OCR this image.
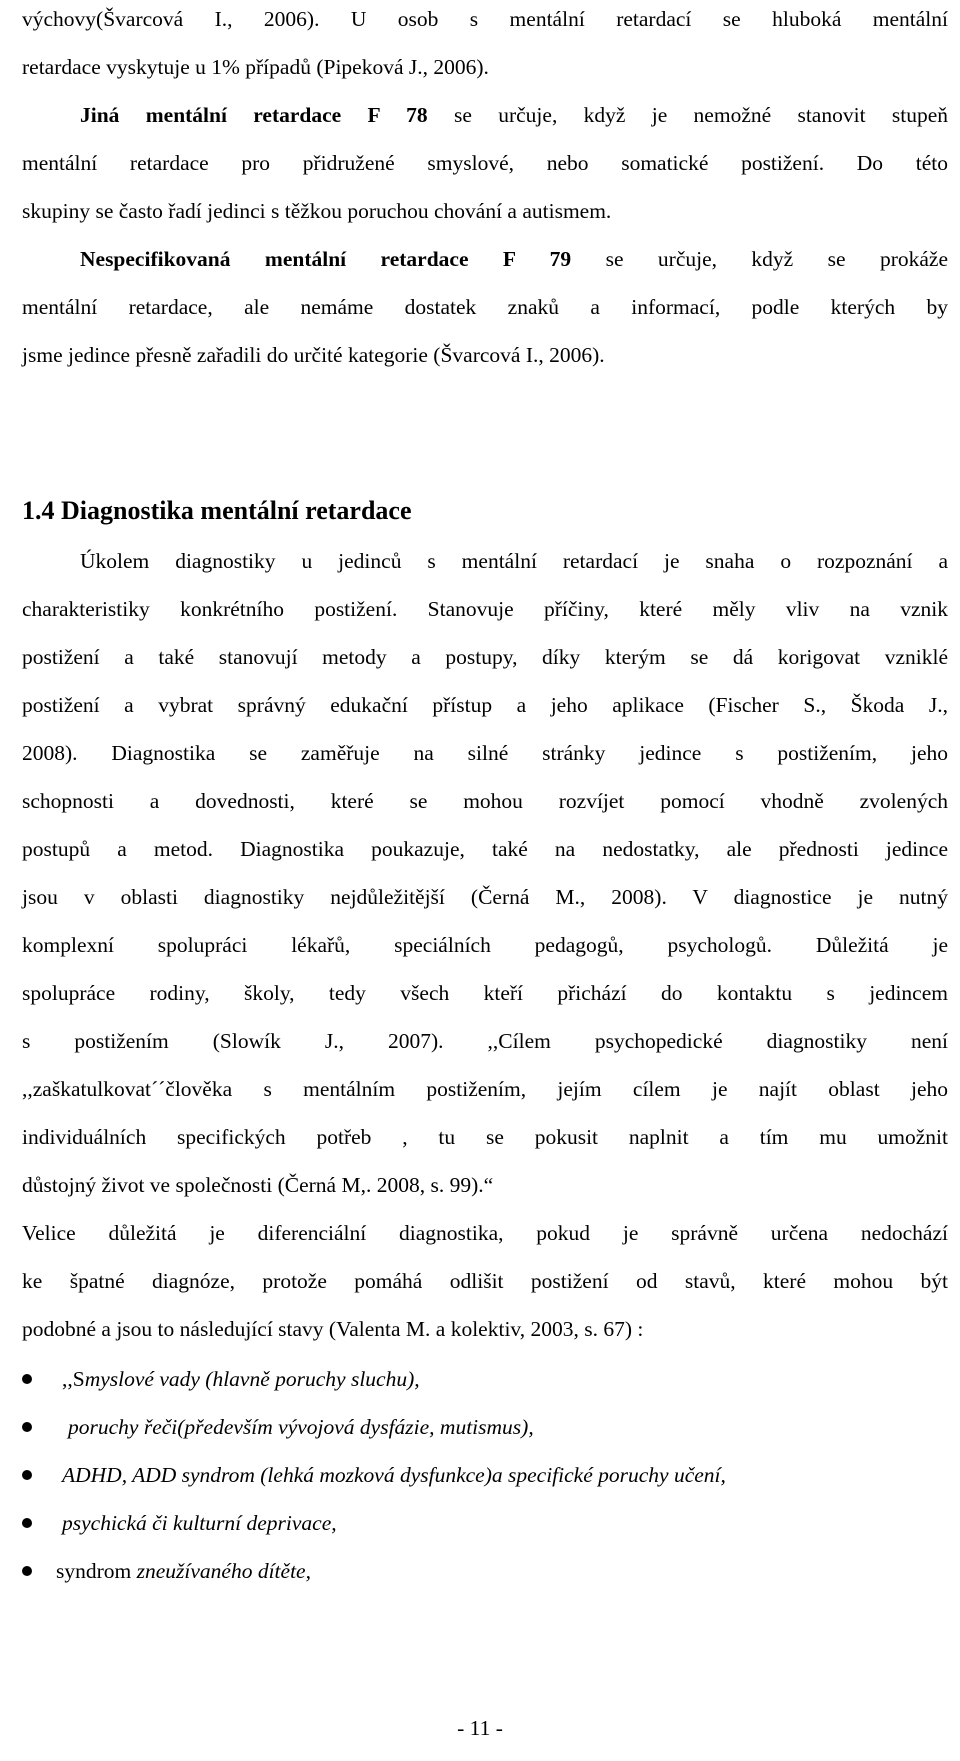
výchovy(Švarcová I., 2006). U osob s mentální retardací se hluboká mentální
retardace vyskytuje u 1% případů (Pipeková J., 2006).
Jiná mentální retardace F 78 se určuje, když je nemožné stanovit stupeň
mentální retardace pro přidružené smyslové, nebo somatické postižení. Do této
skupiny se často řadí jedinci s těžkou poruchou chování a autismem.
Nespecifikovaná mentální retardace F 79 se určuje, když se prokáže
mentální retardace, ale nemáme dostatek znaků a informací, podle kterých by
jsme jedince přesně zařadili do určité kategorie (Švarcová I., 2006).
1.4 Diagnostika mentální retardace
Úkolem diagnostiky u jedinců s mentální retardací je snaha o rozpoznání a
charakteristiky konkrétního postižení. Stanovuje příčiny, které měly vliv na vznik
postižení a také stanovují metody a postupy, díky kterým se dá korigovat vzniklé
postižení a vybrat správný edukační přístup a jeho aplikace (Fischer S., Škoda J.,
2008). Diagnostika se zaměřuje na silné stránky jedince s postižením, jeho
schopnosti a dovednosti, které se mohou rozvíjet pomocí vhodně zvolených
postupů a metod. Diagnostika poukazuje, také na nedostatky, ale přednosti jedince
jsou v oblasti diagnostiky nejdůležitější (Černá M., 2008). V diagnostice je nutný
komplexní spolupráci lékařů, speciálních pedagogů, psychologů. Důležitá je
spolupráce rodiny, školy, tedy všech kteří přichází do kontaktu s jedincem
s postižením (Slowík J., 2007). ,,Cílem psychopedické diagnostiky není
,,zaškatulkovat´´člověka s mentálním postižením, jejím cílem je najít oblast jeho
individuálních specifických potřeb , tu se pokusit naplnit a tím mu umožnit
důstojný život ve společnosti (Černá M,. 2008, s. 99).“
Velice důležitá je diferenciální diagnostika, pokud je správně určena nedochází
ke špatné diagnóze, protože pomáhá odlišit postižení od stavů, které mohou být
podobné a jsou to následující stavy (Valenta M. a kolektiv, 2003, s. 67) :
,,Smyslové vady (hlavně poruchy sluchu),
poruchy řeči(především vývojová dysfázie, mutismus),
ADHD, ADD syndrom (lehká mozková dysfunkce)a specifické poruchy učení,
psychická či kulturní deprivace,
syndrom zneužívaného dítěte,
- 11 -
